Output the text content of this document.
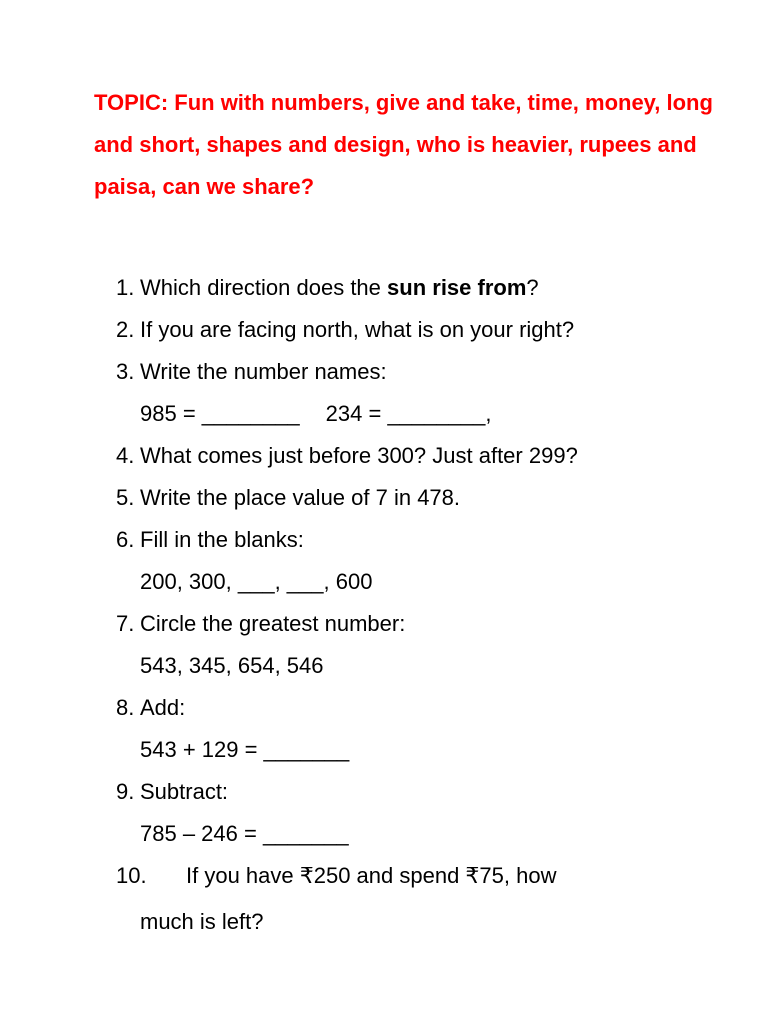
TOPIC: Fun with numbers, give and take, time, money, long and short, shapes and design, who is heavier, rupees and paisa, can we share?

1. Which direction does the sun rise from?
2. If you are facing north, what is on your right?
3. Write the number names:
985 = ________ 234 = ________,
4. What comes just before 300? Just after 299?
5. Write the place value of 7 in 478.
6. Fill in the blanks:
200, 300, ___, ___, 600
7. Circle the greatest number:
543, 345, 654, 546
8. Add:
543 + 129 = _______
9. Subtract:
785 – 246 = _______
10. If you have ₹250 and spend ₹75, how
much is left?
